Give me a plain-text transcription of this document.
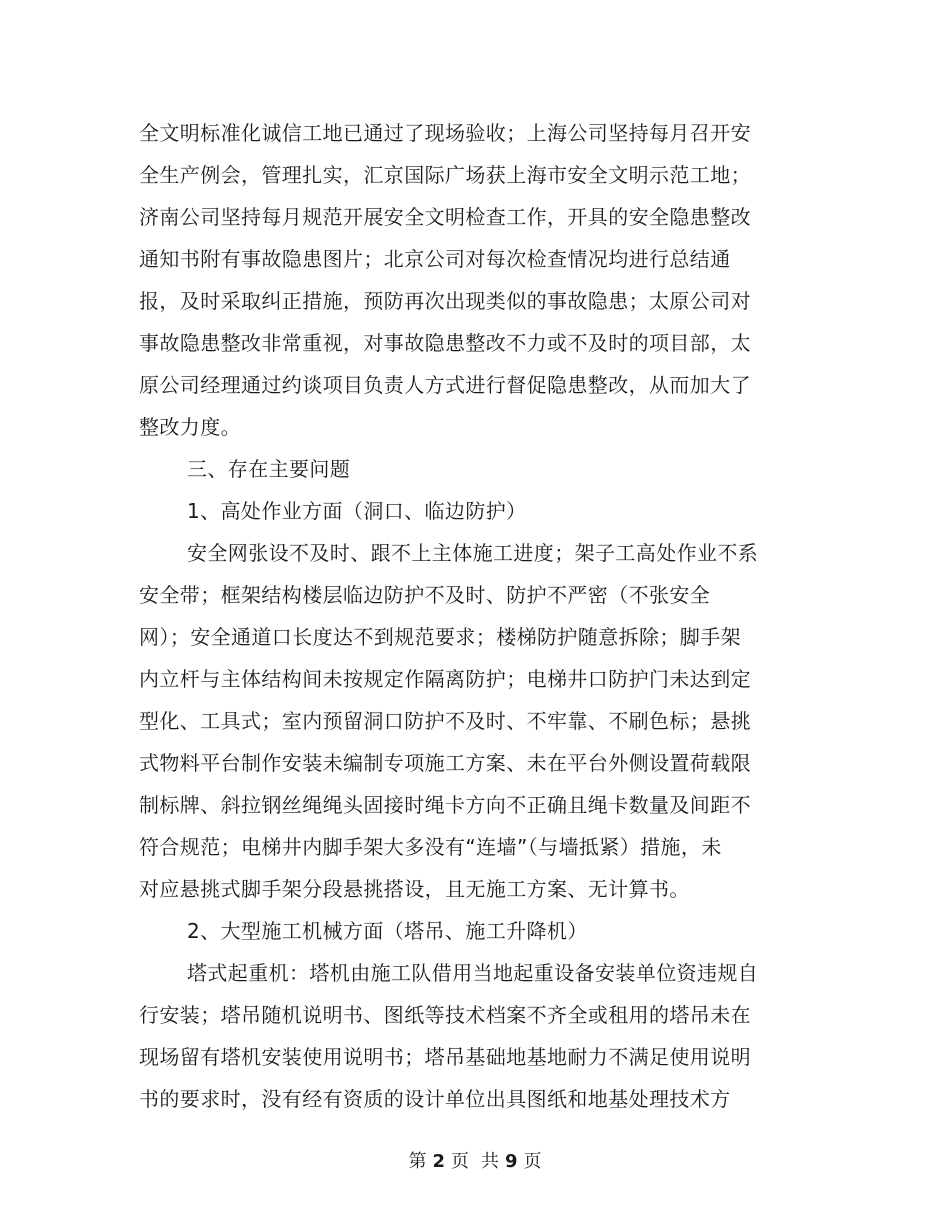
全文明标准化诚信工地已通过了现场验收；上海公司坚持每月召开安
全生产例会，管理扎实，汇京国际广场获上海市安全文明示范工地；
济南公司坚持每月规范开展安全文明检查工作，开具的安全隐患整改
通知书附有事故隐患图片；北京公司对每次检查情况均进行总结通
报，及时采取纠正措施，预防再次出现类似的事故隐患；太原公司对
事故隐患整改非常重视，对事故隐患整改不力或不及时的项目部，太
原公司经理通过约谈项目负责人方式进行督促隐患整改，从而加大了
整改力度。
三、存在主要问题
1、高处作业方面（洞口、临边防护）
安全网张设不及时、跟不上主体施工进度；架子工高处作业不系
安全带；框架结构楼层临边防护不及时、防护不严密（不张安全
网）；安全通道口长度达不到规范要求；楼梯防护随意拆除；脚手架
内立杆与主体结构间未按规定作隔离防护；电梯井口防护门未达到定
型化、工具式；室内预留洞口防护不及时、不牢靠、不刷色标；悬挑
式物料平台制作安装未编制专项施工方案、未在平台外侧设置荷载限
制标牌、斜拉钢丝绳绳头固接时绳卡方向不正确且绳卡数量及间距不
符合规范；电梯井内脚手架大多没有“连墙”（与墙抵紧）措施，未
对应悬挑式脚手架分段悬挑搭设，且无施工方案、无计算书。
2、大型施工机械方面（塔吊、施工升降机）
塔式起重机：塔机由施工队借用当地起重设备安装单位资违规自
行安装；塔吊随机说明书、图纸等技术档案不齐全或租用的塔吊未在
现场留有塔机安装使用说明书；塔吊基础地基地耐力不满足使用说明
书的要求时，没有经有资质的设计单位出具图纸和地基处理技术方
第 2 页 共 9 页
